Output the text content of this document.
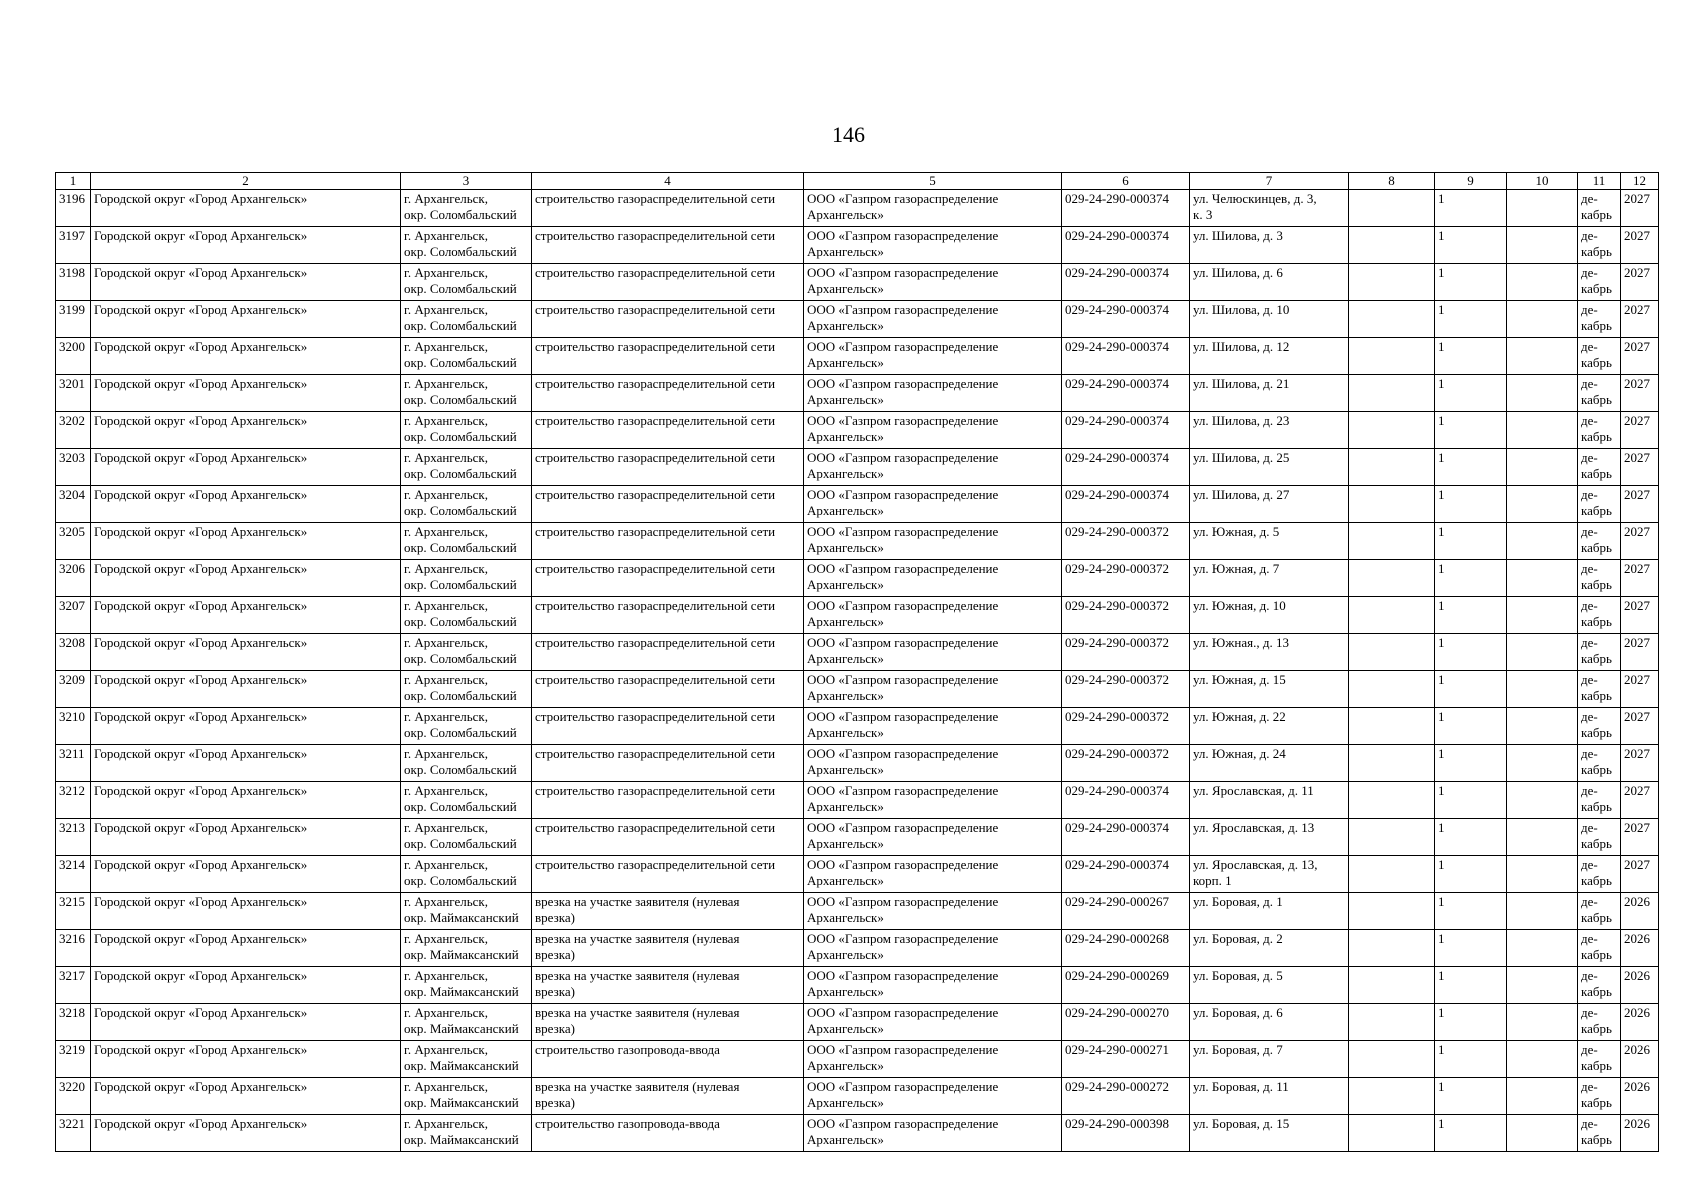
146
1	2	3	4	5	6	7	8	9	10	11	12
3196	Городской округ «Город Архангельск»	г. Архангельск,
окр. Соломбальский	строительство газораспределительной сети	ООО «Газпром газораспределение
Архангельск»	029-24-290-000374	ул. Челюскинцев, д. 3,
к. 3		1		де-
кабрь	2027
3197	Городской округ «Город Архангельск»	г. Архангельск,
окр. Соломбальский	строительство газораспределительной сети	ООО «Газпром газораспределение
Архангельск»	029-24-290-000374	ул. Шилова, д. 3		1		де-
кабрь	2027
3198	Городской округ «Город Архангельск»	г. Архангельск,
окр. Соломбальский	строительство газораспределительной сети	ООО «Газпром газораспределение
Архангельск»	029-24-290-000374	ул. Шилова, д. 6		1		де-
кабрь	2027
3199	Городской округ «Город Архангельск»	г. Архангельск,
окр. Соломбальский	строительство газораспределительной сети	ООО «Газпром газораспределение
Архангельск»	029-24-290-000374	ул. Шилова, д. 10		1		де-
кабрь	2027
3200	Городской округ «Город Архангельск»	г. Архангельск,
окр. Соломбальский	строительство газораспределительной сети	ООО «Газпром газораспределение
Архангельск»	029-24-290-000374	ул. Шилова, д. 12		1		де-
кабрь	2027
3201	Городской округ «Город Архангельск»	г. Архангельск,
окр. Соломбальский	строительство газораспределительной сети	ООО «Газпром газораспределение
Архангельск»	029-24-290-000374	ул. Шилова, д. 21		1		де-
кабрь	2027
3202	Городской округ «Город Архангельск»	г. Архангельск,
окр. Соломбальский	строительство газораспределительной сети	ООО «Газпром газораспределение
Архангельск»	029-24-290-000374	ул. Шилова, д. 23		1		де-
кабрь	2027
3203	Городской округ «Город Архангельск»	г. Архангельск,
окр. Соломбальский	строительство газораспределительной сети	ООО «Газпром газораспределение
Архангельск»	029-24-290-000374	ул. Шилова, д. 25		1		де-
кабрь	2027
3204	Городской округ «Город Архангельск»	г. Архангельск,
окр. Соломбальский	строительство газораспределительной сети	ООО «Газпром газораспределение
Архангельск»	029-24-290-000374	ул. Шилова, д. 27		1		де-
кабрь	2027
3205	Городской округ «Город Архангельск»	г. Архангельск,
окр. Соломбальский	строительство газораспределительной сети	ООО «Газпром газораспределение
Архангельск»	029-24-290-000372	ул. Южная, д. 5		1		де-
кабрь	2027
3206	Городской округ «Город Архангельск»	г. Архангельск,
окр. Соломбальский	строительство газораспределительной сети	ООО «Газпром газораспределение
Архангельск»	029-24-290-000372	ул. Южная, д. 7		1		де-
кабрь	2027
3207	Городской округ «Город Архангельск»	г. Архангельск,
окр. Соломбальский	строительство газораспределительной сети	ООО «Газпром газораспределение
Архангельск»	029-24-290-000372	ул. Южная, д. 10		1		де-
кабрь	2027
3208	Городской округ «Город Архангельск»	г. Архангельск,
окр. Соломбальский	строительство газораспределительной сети	ООО «Газпром газораспределение
Архангельск»	029-24-290-000372	ул. Южная., д. 13		1		де-
кабрь	2027
3209	Городской округ «Город Архангельск»	г. Архангельск,
окр. Соломбальский	строительство газораспределительной сети	ООО «Газпром газораспределение
Архангельск»	029-24-290-000372	ул. Южная, д. 15		1		де-
кабрь	2027
3210	Городской округ «Город Архангельск»	г. Архангельск,
окр. Соломбальский	строительство газораспределительной сети	ООО «Газпром газораспределение
Архангельск»	029-24-290-000372	ул. Южная, д. 22		1		де-
кабрь	2027
3211	Городской округ «Город Архангельск»	г. Архангельск,
окр. Соломбальский	строительство газораспределительной сети	ООО «Газпром газораспределение
Архангельск»	029-24-290-000372	ул. Южная, д. 24		1		де-
кабрь	2027
3212	Городской округ «Город Архангельск»	г. Архангельск,
окр. Соломбальский	строительство газораспределительной сети	ООО «Газпром газораспределение
Архангельск»	029-24-290-000374	ул. Ярославская, д. 11		1		де-
кабрь	2027
3213	Городской округ «Город Архангельск»	г. Архангельск,
окр. Соломбальский	строительство газораспределительной сети	ООО «Газпром газораспределение
Архангельск»	029-24-290-000374	ул. Ярославская, д. 13		1		де-
кабрь	2027
3214	Городской округ «Город Архангельск»	г. Архангельск,
окр. Соломбальский	строительство газораспределительной сети	ООО «Газпром газораспределение
Архангельск»	029-24-290-000374	ул. Ярославская, д. 13,
корп. 1		1		де-
кабрь	2027
3215	Городской округ «Город Архангельск»	г. Архангельск,
окр. Маймаксанский	врезка на участке заявителя (нулевая
врезка)	ООО «Газпром газораспределение
Архангельск»	029-24-290-000267	ул. Боровая, д. 1		1		де-
кабрь	2026
3216	Городской округ «Город Архангельск»	г. Архангельск,
окр. Маймаксанский	врезка на участке заявителя (нулевая
врезка)	ООО «Газпром газораспределение
Архангельск»	029-24-290-000268	ул. Боровая, д. 2		1		де-
кабрь	2026
3217	Городской округ «Город Архангельск»	г. Архангельск,
окр. Маймаксанский	врезка на участке заявителя (нулевая
врезка)	ООО «Газпром газораспределение
Архангельск»	029-24-290-000269	ул. Боровая, д. 5		1		де-
кабрь	2026
3218	Городской округ «Город Архангельск»	г. Архангельск,
окр. Маймаксанский	врезка на участке заявителя (нулевая
врезка)	ООО «Газпром газораспределение
Архангельск»	029-24-290-000270	ул. Боровая, д. 6		1		де-
кабрь	2026
3219	Городской округ «Город Архангельск»	г. Архангельск,
окр. Маймаксанский	строительство газопровода-ввода	ООО «Газпром газораспределение
Архангельск»	029-24-290-000271	ул. Боровая, д. 7		1		де-
кабрь	2026
3220	Городской округ «Город Архангельск»	г. Архангельск,
окр. Маймаксанский	врезка на участке заявителя (нулевая
врезка)	ООО «Газпром газораспределение
Архангельск»	029-24-290-000272	ул. Боровая, д. 11		1		де-
кабрь	2026
3221	Городской округ «Город Архангельск»	г. Архангельск,
окр. Маймаксанский	строительство газопровода-ввода	ООО «Газпром газораспределение
Архангельск»	029-24-290-000398	ул. Боровая, д. 15		1		де-
кабрь	2026
